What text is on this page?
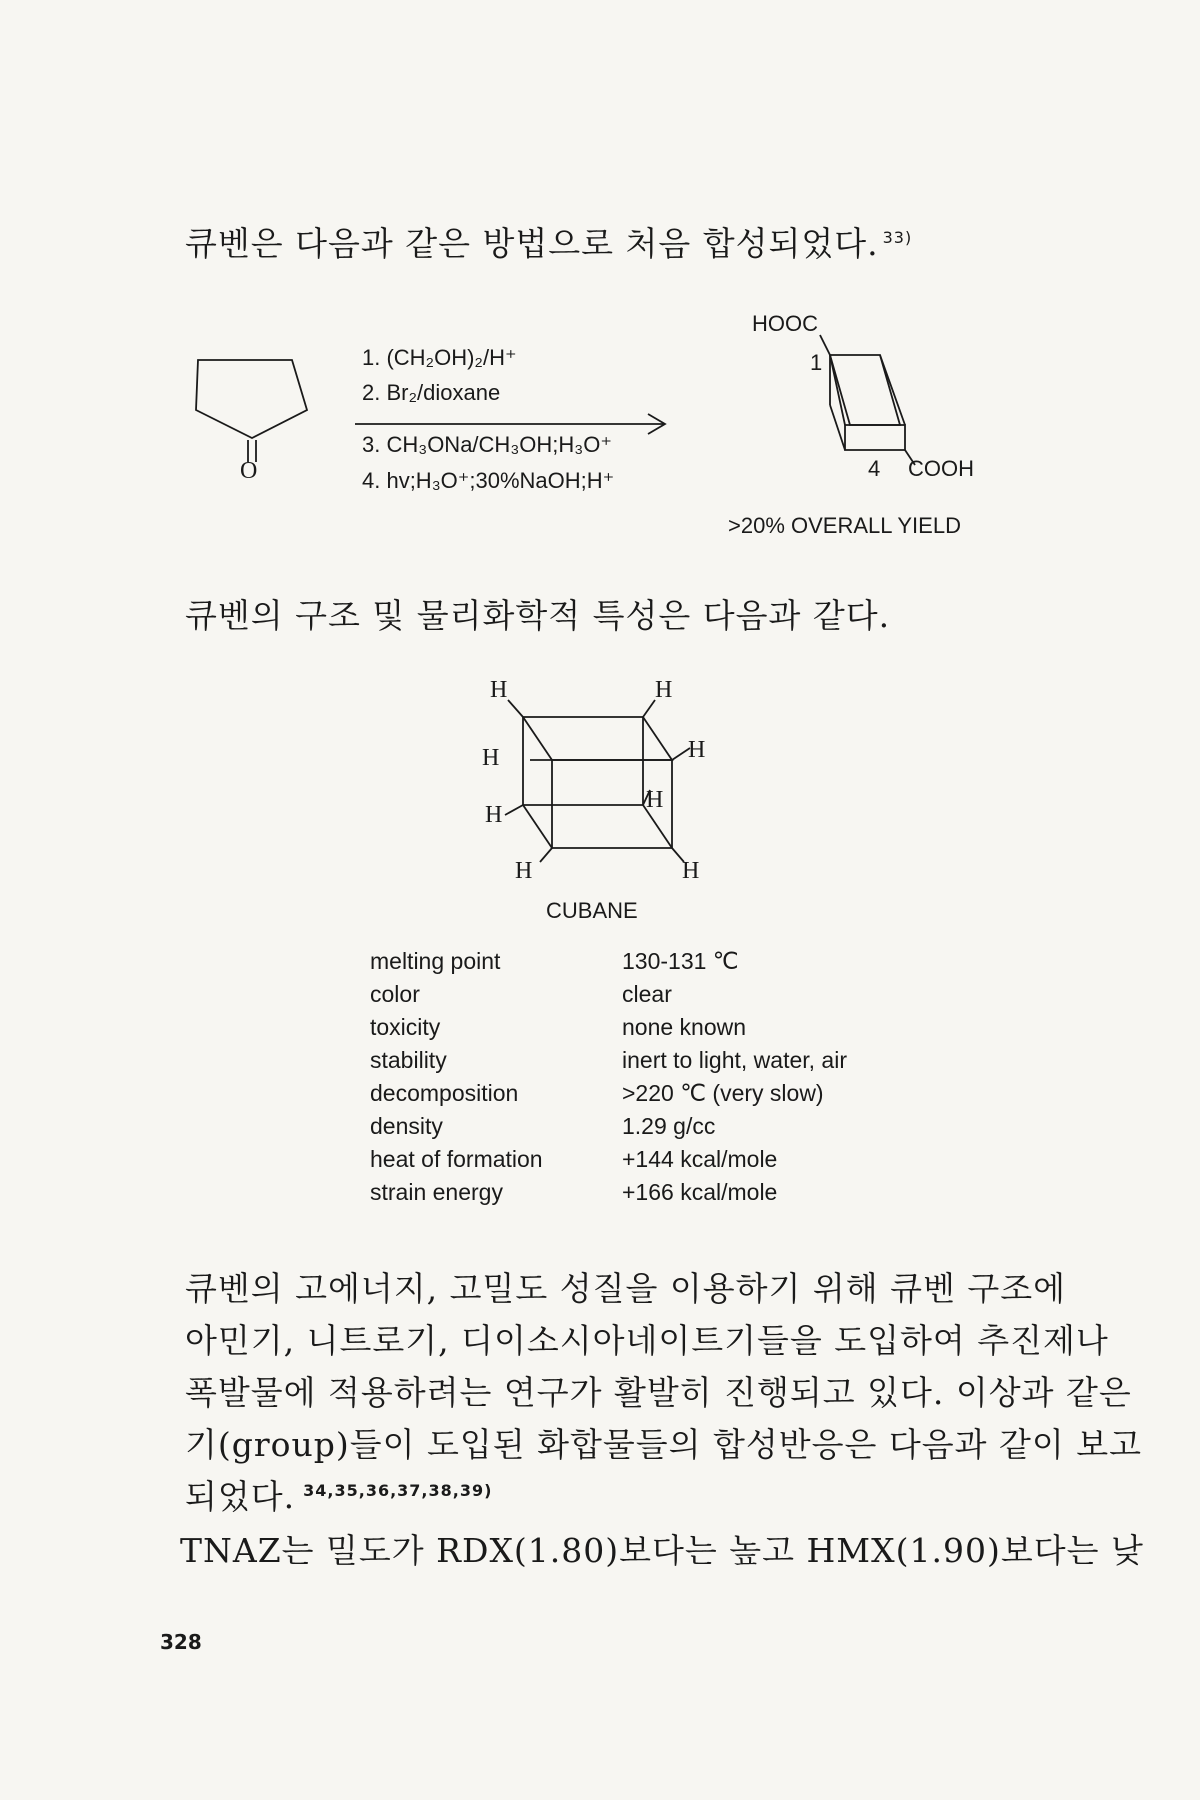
큐벤은 다음과 같은 방법으로 처음 합성되었다. $^{33)}$
O
1. (CH₂OH)₂/H⁺
2. Br₂/dioxane
3. CH₃ONa/CH₃OH;H₃O⁺
4. hv;H₃O⁺;30%NaOH;H⁺
HOOC
1
4 COOH
>20% OVERALL YIELD
큐벤의 구조 및 물리화학적 특성은 다음과 같다.
H	H
H	H
H
H
H	H
CUBANE
melting point	130-131 ℃
color	clear
toxicity	none known
stability	inert to light, water, air
decomposition	>220 ℃ (very slow)
density	1.29 g/cc
heat of formation	+144 kcal/mole
strain energy	+166 kcal/mole
큐벤의 고에너지, 고밀도 성질을 이용하기 위해 큐벤 구조에
아민기, 니트로기, 디이소시아네이트기들을 도입하여 추진제나
폭발물에 적용하려는 연구가 활발히 진행되고 있다. 이상과 같은
기(group)들이 도입된 화합물들의 합성반응은 다음과 같이 보고
되었다. $^{34,35,36,37,38,39)}$
TNAZ는 밀도가 RDX(1.80)보다는 높고 HMX(1.90)보다는 낮
328
